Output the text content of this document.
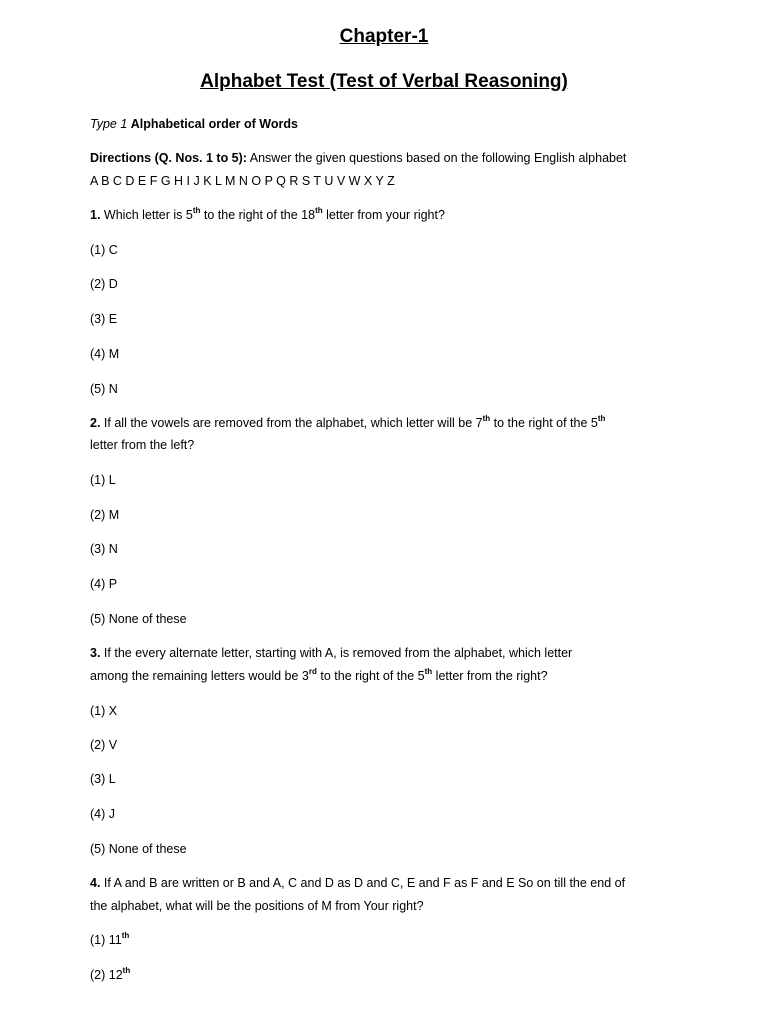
Chapter-1
Alphabet Test (Test of Verbal Reasoning)
Type 1 Alphabetical order of Words
Directions (Q. Nos. 1 to 5): Answer the given questions based on the following English alphabet
A B C D E F G H I J K L M N O P Q R S T U V W X Y Z
1. Which letter is 5th to the right of the 18th letter from your right?
(1) C
(2) D
(3) E
(4) M
(5) N
2. If all the vowels are removed from the alphabet, which letter will be 7th to the right of the 5th
letter from the left?
(1) L
(2) M
(3) N
(4) P
(5) None of these
3. If the every alternate letter, starting with A, is removed from the alphabet, which letter
among the remaining letters would be 3rd to the right of the 5th letter from the right?
(1) X
(2) V
(3) L
(4) J
(5) None of these
4. If A and B are written or B and A, C and D as D and C, E and F as F and E So on till the end of
the alphabet, what will be the positions of M from Your right?
(1) 11th
(2) 12th
